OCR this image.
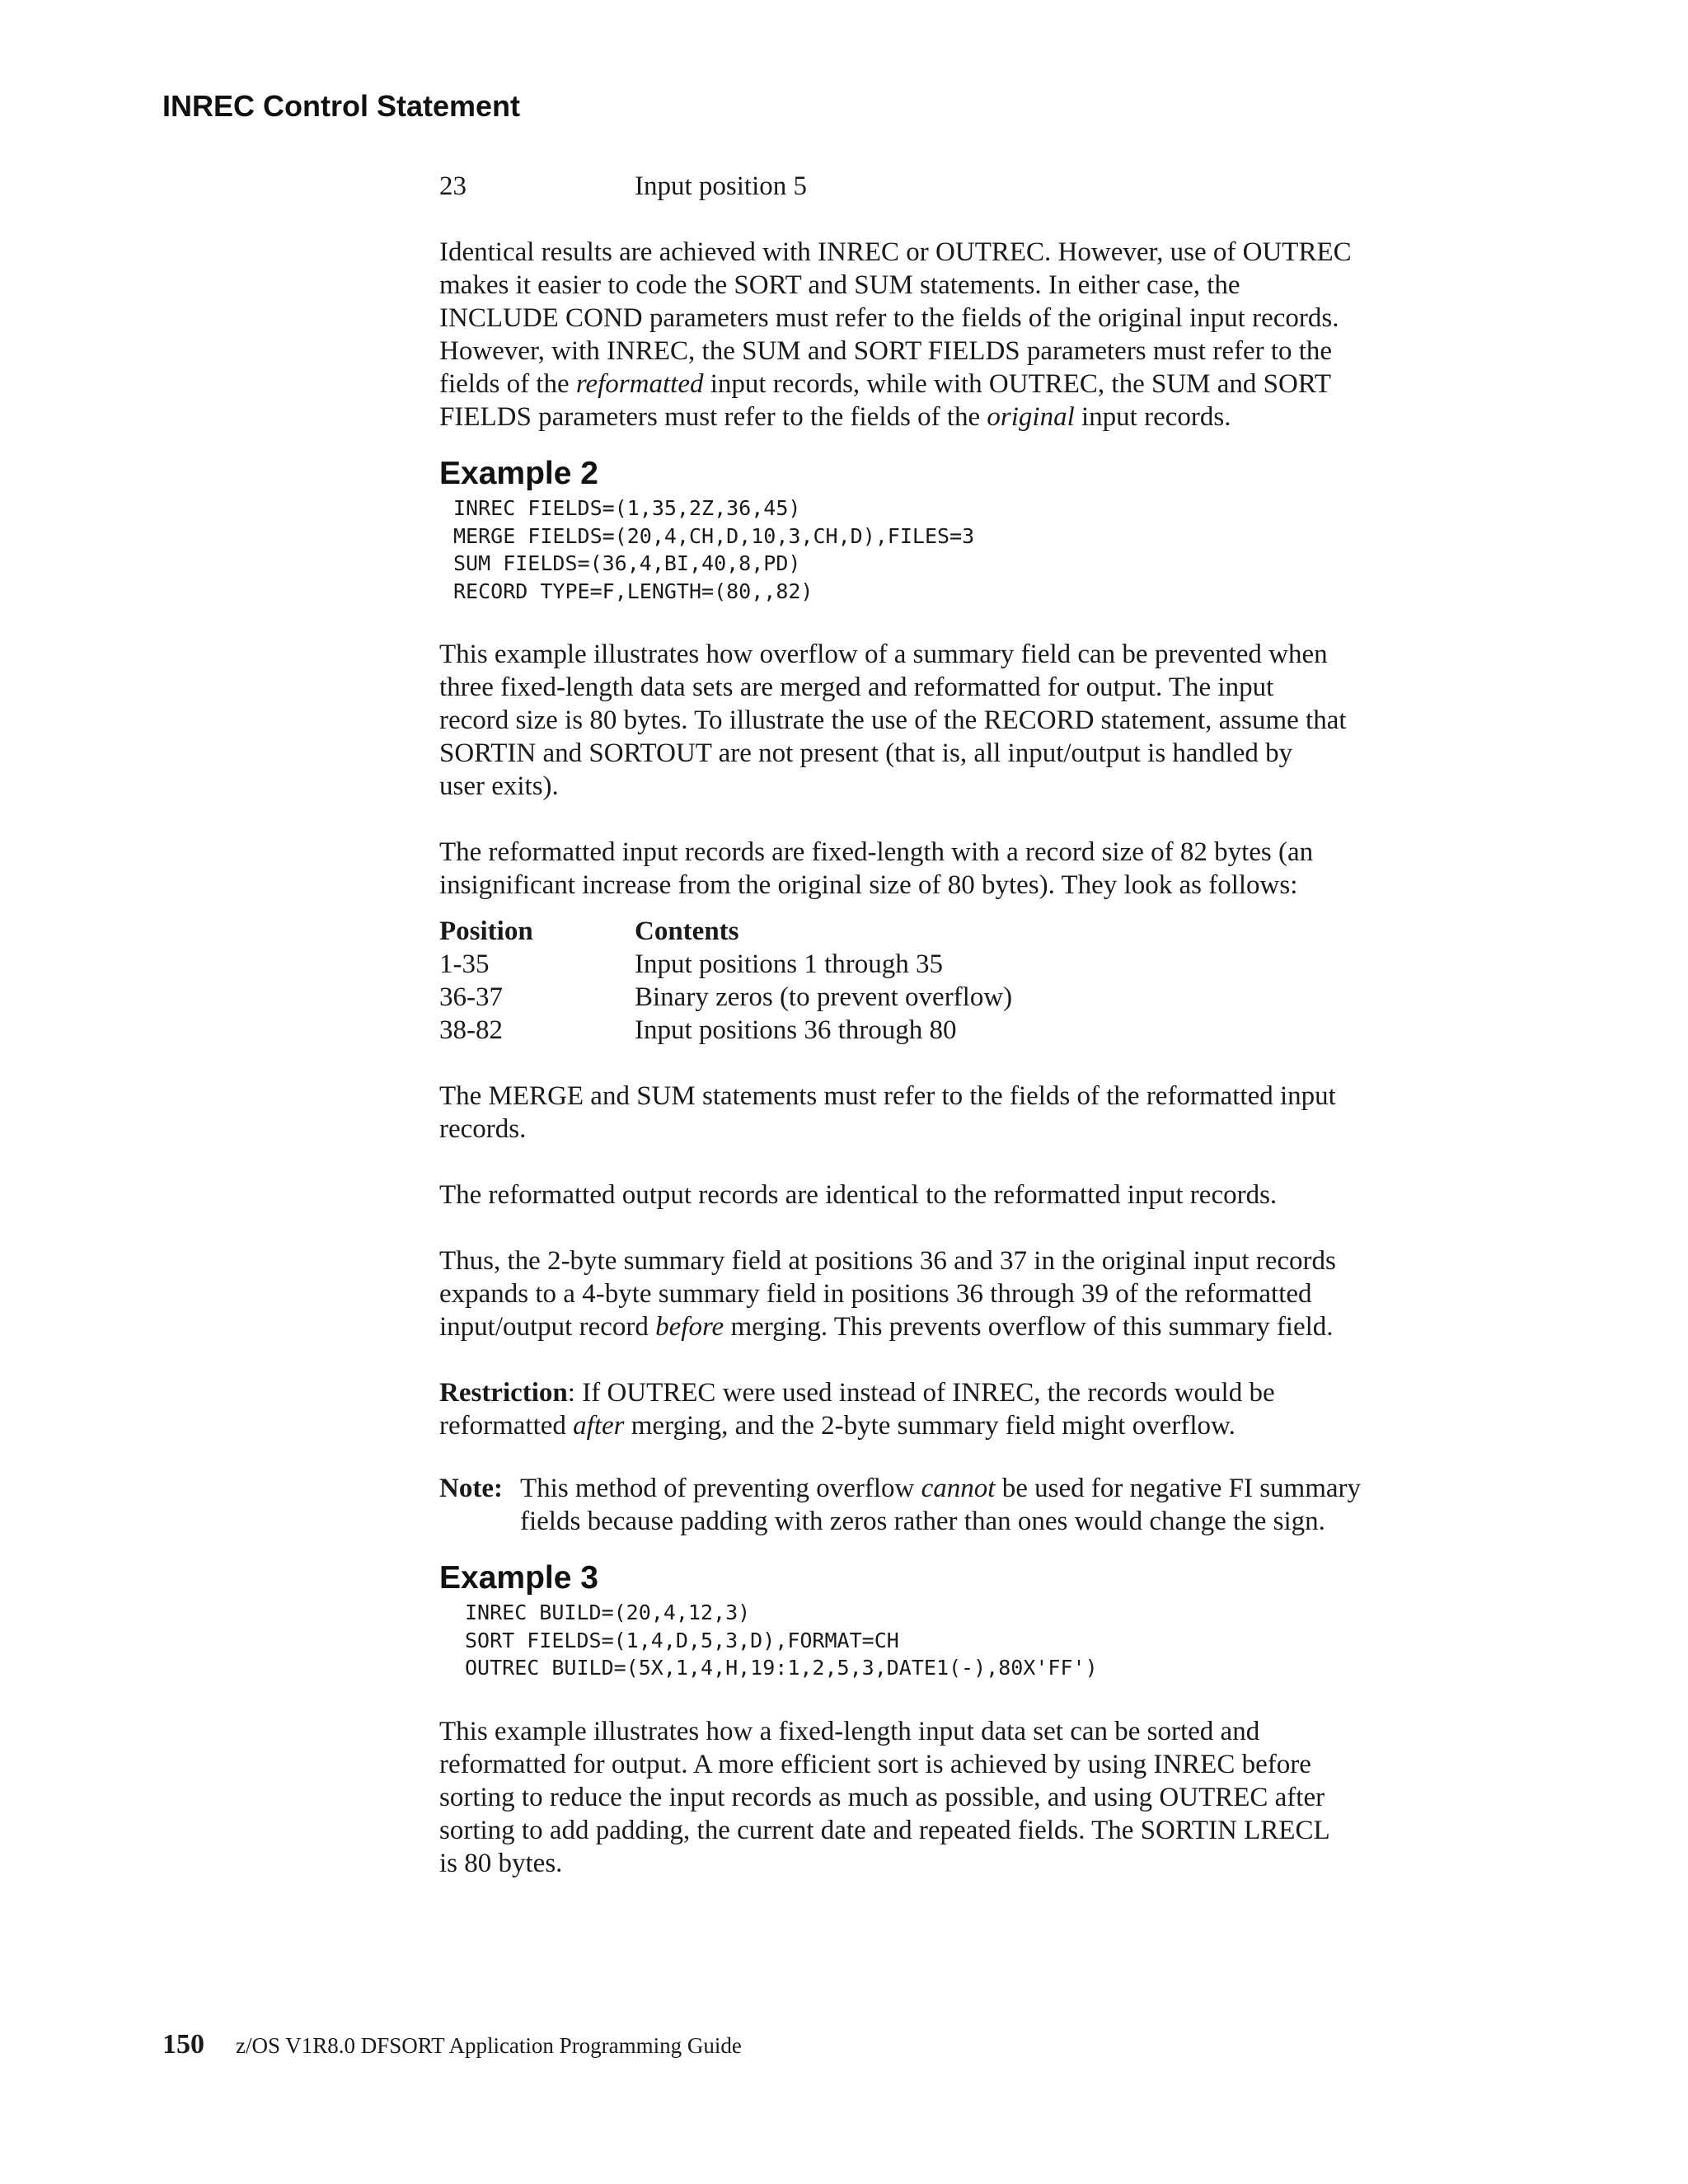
INREC Control Statement
23	Input position 5

Identical results are achieved with INREC or OUTREC. However, use of OUTREC
makes it easier to code the SORT and SUM statements. In either case, the
INCLUDE COND parameters must refer to the fields of the original input records.
However, with INREC, the SUM and SORT FIELDS parameters must refer to the
fields of the reformatted input records, while with OUTREC, the SUM and SORT
FIELDS parameters must refer to the fields of the original input records.

Example 2
INREC FIELDS=(1,35,2Z,36,45)
MERGE FIELDS=(20,4,CH,D,10,3,CH,D),FILES=3
SUM FIELDS=(36,4,BI,40,8,PD)
RECORD TYPE=F,LENGTH=(80,,82)

This example illustrates how overflow of a summary field can be prevented when
three fixed-length data sets are merged and reformatted for output. The input
record size is 80 bytes. To illustrate the use of the RECORD statement, assume that
SORTIN and SORTOUT are not present (that is, all input/output is handled by
user exits).

The reformatted input records are fixed-length with a record size of 82 bytes (an
insignificant increase from the original size of 80 bytes). They look as follows:

Position	Contents
1-35	Input positions 1 through 35
36-37	Binary zeros (to prevent overflow)
38-82	Input positions 36 through 80

The MERGE and SUM statements must refer to the fields of the reformatted input
records.

The reformatted output records are identical to the reformatted input records.

Thus, the 2-byte summary field at positions 36 and 37 in the original input records
expands to a 4-byte summary field in positions 36 through 39 of the reformatted
input/output record before merging. This prevents overflow of this summary field.

Restriction: If OUTREC were used instead of INREC, the records would be
reformatted after merging, and the 2-byte summary field might overflow.

Note: This method of preventing overflow cannot be used for negative FI summary
fields because padding with zeros rather than ones would change the sign.
Example 3
INREC BUILD=(20,4,12,3)
SORT FIELDS=(1,4,D,5,3,D),FORMAT=CH
OUTREC BUILD=(5X,1,4,H,19:1,2,5,3,DATE1(-),80X'FF')

This example illustrates how a fixed-length input data set can be sorted and
reformatted for output. A more efficient sort is achieved by using INREC before
sorting to reduce the input records as much as possible, and using OUTREC after
sorting to add padding, the current date and repeated fields. The SORTIN LRECL
is 80 bytes.

150 z/OS V1R8.0 DFSORT Application Programming Guide
